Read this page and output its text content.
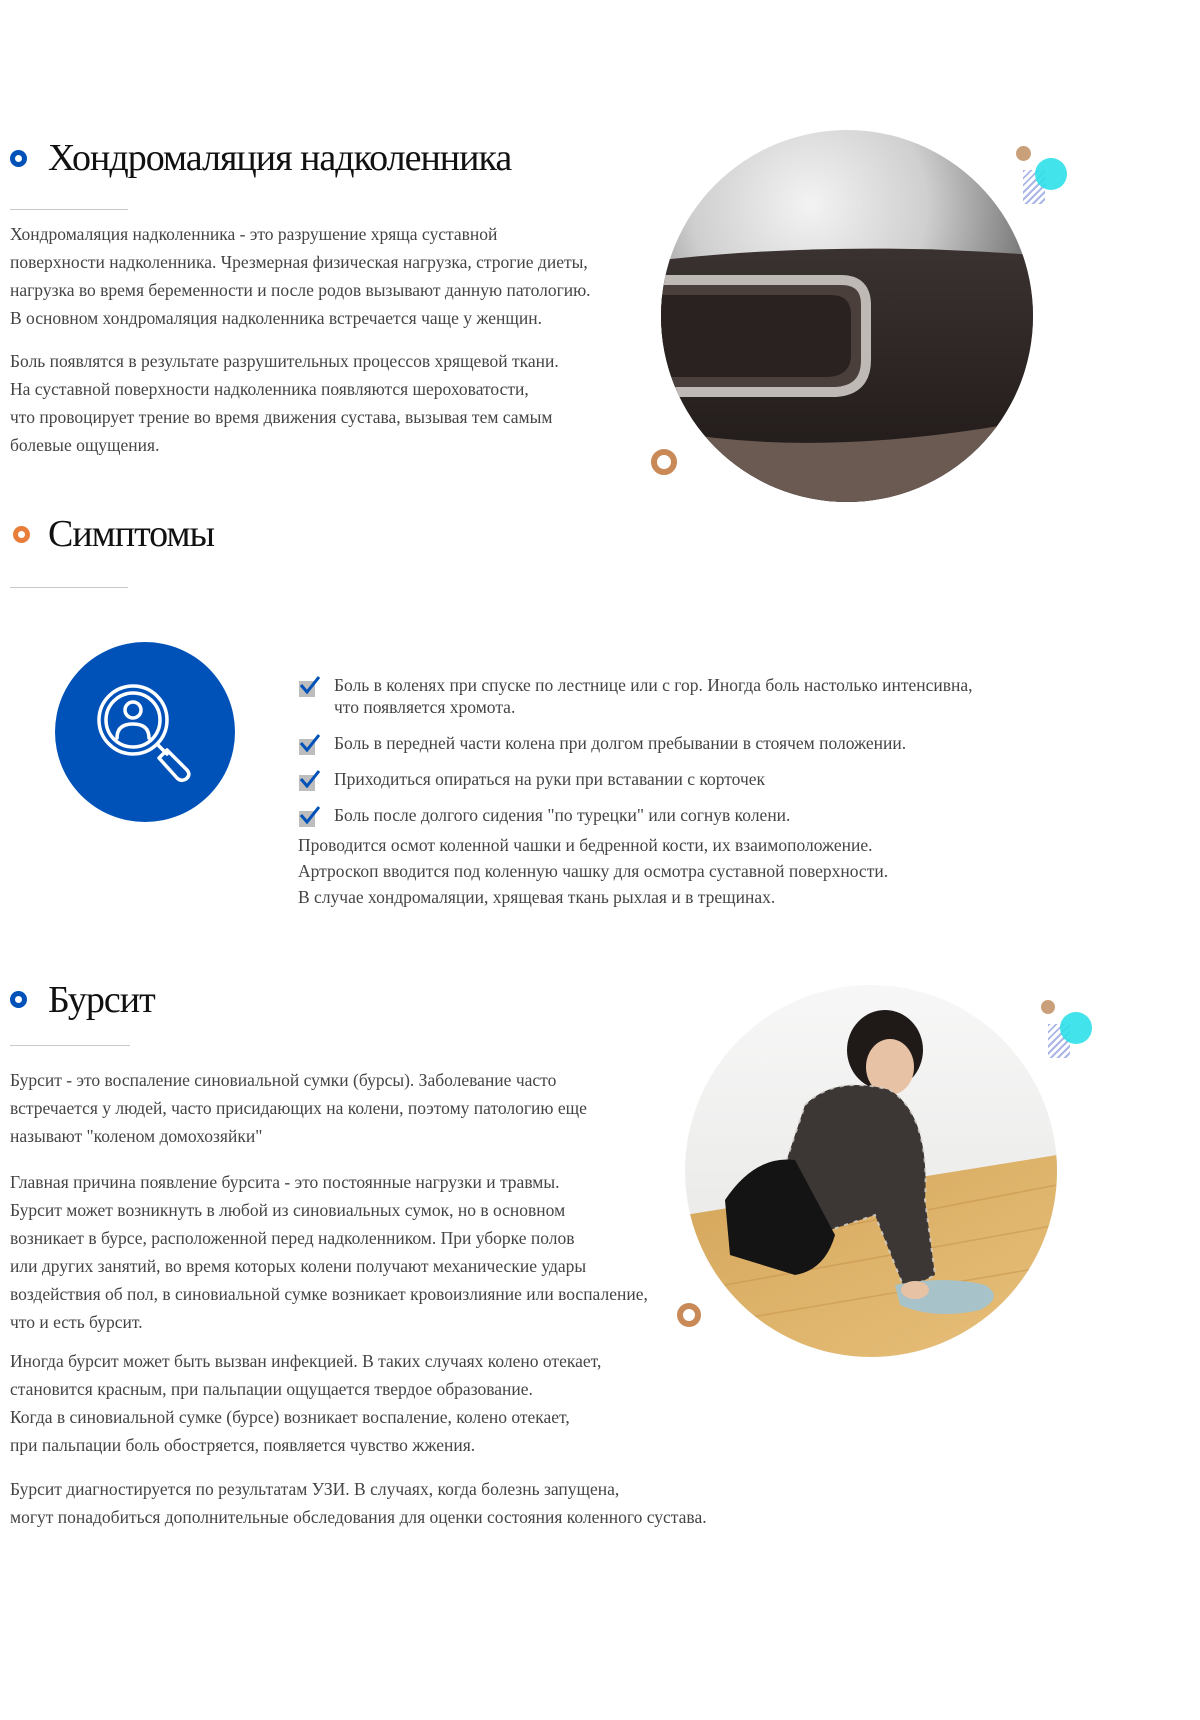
Хондромаляция надколенника

Хондромаляция надколенника - это разрушение хряща суставной
поверхности надколенника. Чрезмерная физическая нагрузка, строгие диеты,
нагрузка во время беременности и после родов вызывают данную патологию.
В основном хондромаляция надколенника встречается чаще у женщин.

Боль появлятся в результате разрушительных процессов хрящевой ткани.
На суставной поверхности надколенника появляются шероховатости,
что провоцирует трение во время движения сустава, вызывая тем самым
болевые ощущения.

Симптомы
Боль в коленях при спуске по лестнице или с гор. Иногда боль настолько интенсивна,
что появляется хромота.
Боль в передней части колена при долгом пребывании в стоячем положении.
Приходиться опираться на руки при вставании с корточек
Боль после долгого сидения "по турецки" или согнув колени.

Проводится осмот коленной чашки и бедренной кости, их взаимоположение.
Артроскоп вводится под коленную чашку для осмотра суставной поверхности.
В случае хондромаляции, хрящевая ткань рыхлая и в трещинах.

Бурсит

Бурсит - это воспаление синовиальной сумки (бурсы). Заболевание часто
встречается у людей, часто присидающих на колени, поэтому патологию еще
называют "коленом домохозяйки"

Главная причина появление бурсита - это постоянные нагрузки и травмы.
Бурсит может возникнуть в любой из синовиальных сумок, но в основном
возникает в бурсе, расположенной перед надколенником. При уборке полов
или других занятий, во время которых колени получают механические удары
воздействия об пол, в синовиальной сумке возникает кровоизлияние или воспаление,
что и есть бурсит.

Иногда бурсит может быть вызван инфекцией. В таких случаях колено отекает,
становится красным, при пальпации ощущается твердое образование.
Когда в синовиальной сумке (бурсе) возникает воспаление, колено отекает,
при пальпации боль обостряется, появляется чувство жжения.

Бурсит диагностируется по результатам УЗИ. В случаях, когда болезнь запущена,
могут понадобиться дополнительные обследования для оценки состояния коленного сустава.
